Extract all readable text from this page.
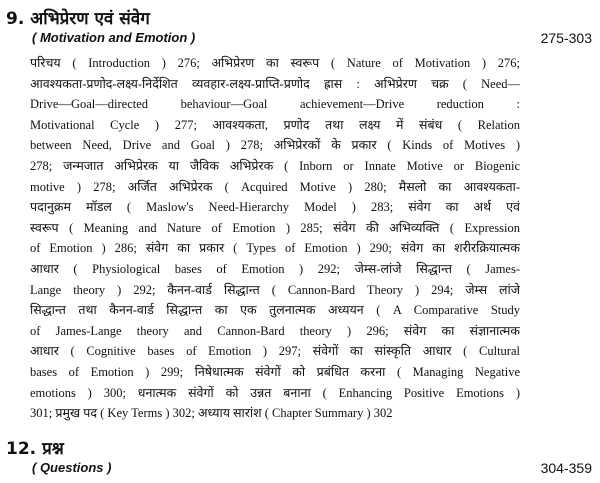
9. अभिप्रेरण एवं संवेग
( Motivation and Emotion )	275-303
परिचय ( Introduction ) 276; अभिप्रेरण का स्वरूप ( Nature of Motivation ) 276;
आवश्यकता-प्रणोद-लक्ष्य-निर्देशित व्यवहार-लक्ष्य-प्राप्ति-प्रणोद ह्रास : अभिप्रेरण चक्र ( Need—
Drive—Goal—directed behaviour—Goal achievement—Drive reduction :
Motivational Cycle ) 277; आवश्यकता, प्रणोद तथा लक्ष्य में संबंध ( Relation
between Need, Drive and Goal ) 278; अभिप्रेरकों के प्रकार ( Kinds of Motives )
278; जन्मजात अभिप्रेरक या जैविक अभिप्रेरक ( Inborn or Innate Motive or Biogenic
motive ) 278; अर्जित अभिप्रेरक ( Acquired Motive ) 280; मैसलो का आवश्यकता-
पदानुक्रम मॉडल ( Maslow's Need-Hierarchy Model ) 283; संवेग का अर्थ एवं
स्वरूप ( Meaning and Nature of Emotion ) 285; संवेग की अभिव्यक्ति ( Expression
of Emotion ) 286; संवेग का प्रकार ( Types of Emotion ) 290; संवेग का शरीरक्रियात्मक
आधार ( Physiological bases of Emotion ) 292; जेम्स-लांजे सिद्धान्त ( James-
Lange theory ) 292; कैनन-वार्ड सिद्धान्त ( Cannon-Bard Theory ) 294; जेम्स लांजे
सिद्धान्त तथा कैनन-वार्ड सिद्धान्त का एक तुलनात्मक अध्ययन ( A Comparative Study
of James-Lange theory and Cannon-Bard theory ) 296; संवेग का संज्ञानात्मक
आधार ( Cognitive bases of Emotion ) 297; संवेगों का सांस्कृति आधार ( Cultural
bases of Emotion ) 299; निषेधात्मक संवेगों को प्रबंधित करना ( Managing Negative
emotions ) 300; धनात्मक संवेगों को उन्नत बनाना ( Enhancing Positive Emotions )
301; प्रमुख पद ( Key Terms ) 302; अध्याय सारांश ( Chapter Summary ) 302
12. प्रश्न
( Questions )	304-359
